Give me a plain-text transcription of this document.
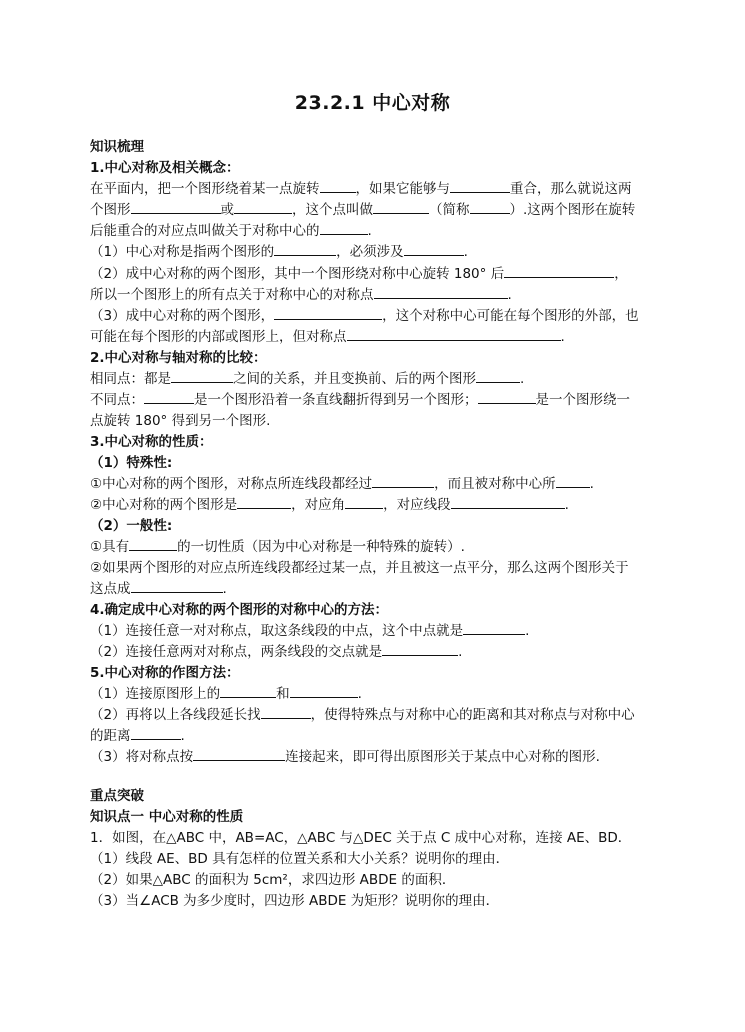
23.2.1 中心对称
知识梳理
1.中心对称及相关概念：
在平面内，把一个图形绕着某一点旋转	，如果它能够与	重合，那么就说这两
个图形	或	，这个点叫做	（简称	）.这两个图形在旋转
后能重合的对应点叫做关于对称中心的	.
（1）中心对称是指两个图形的	，必须涉及	.
（2）成中心对称的两个图形，其中一个图形绕对称中心旋转 180° 后	，
所以一个图形上的所有点关于对称中心的对称点	.
（3）成中心对称的两个图形，	，这个对称中心可能在每个图形的外部，也
可能在每个图形的内部或图形上，但对称点	.
2.中心对称与轴对称的比较：
相同点：都是	之间的关系，并且变换前、后的两个图形	.
不同点：	是一个图形沿着一条直线翻折得到另一个图形；	是一个图形绕一
点旋转 180° 得到另一个图形.
3.中心对称的性质：
（1）特殊性:
①中心对称的两个图形，对称点所连线段都经过	，而且被对称中心所	.
②中心对称的两个图形是	，对应角	，对应线段	.
（2）一般性:
①具有	的一切性质（因为中心对称是一种特殊的旋转）.
②如果两个图形的对应点所连线段都经过某一点，并且被这一点平分，那么这两个图形关于
这点成	.
4.确定成中心对称的两个图形的对称中心的方法：
（1）连接任意一对对称点，取这条线段的中点，这个中点就是	.
（2）连接任意两对对称点，两条线段的交点就是	.
5.中心对称的作图方法：
（1）连接原图形上的	和	.
（2）再将以上各线段延长找	，使得特殊点与对称中心的距离和其对称点与对称中心
的距离	.
（3）将对称点按	连接起来，即可得出原图形关于某点中心对称的图形.
重点突破
知识点一 中心对称的性质
1．如图，在△ABC 中，AB=AC，△ABC 与△DEC 关于点 C 成中心对称，连接 AE、BD．
（1）线段 AE、BD 具有怎样的位置关系和大小关系？说明你的理由．
（2）如果△ABC 的面积为 5cm²，求四边形 ABDE 的面积．
（3）当∠ACB 为多少度时，四边形 ABDE 为矩形？说明你的理由．
